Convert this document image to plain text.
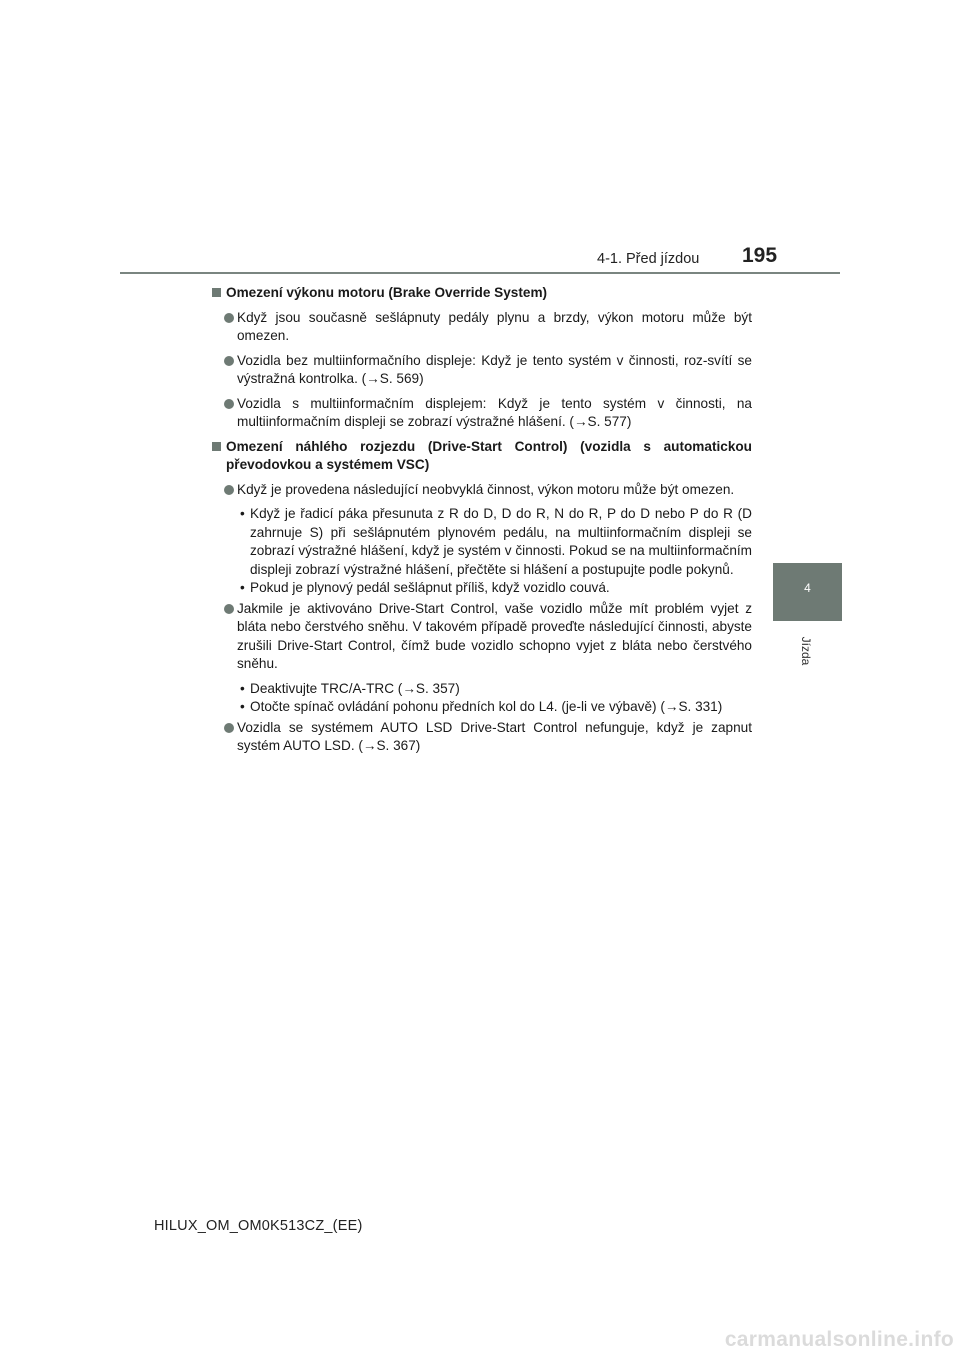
4-1. Před jízdou 195
4
Jízda
Omezení výkonu motoru (Brake Override System)
Když jsou současně sešlápnuty pedály plynu a brzdy, výkon motoru může být omezen.
Vozidla bez multiinformačního displeje: Když je tento systém v činnosti, roz-svítí se výstražná kontrolka. (→S. 569)
Vozidla s multiinformačním displejem: Když je tento systém v činnosti, na multiinformačním displeji se zobrazí výstražné hlášení. (→S. 577)
Omezení náhlého rozjezdu (Drive-Start Control) (vozidla s automatickou převodovkou a systémem VSC)
Když je provedena následující neobvyklá činnost, výkon motoru může být omezen.
• Když je řadicí páka přesunuta z R do D, D do R, N do R, P do D nebo P do R (D zahrnuje S) při sešlápnutém plynovém pedálu, na multiinformačním displeji se zobrazí výstražné hlášení, když je systém v činnosti. Pokud se na multiinformačním displeji zobrazí výstražné hlášení, přečtěte si hlášení a postupujte podle pokynů.
• Pokud je plynový pedál sešlápnut příliš, když vozidlo couvá.
Jakmile je aktivováno Drive-Start Control, vaše vozidlo může mít problém vyjet z bláta nebo čerstvého sněhu. V takovém případě proveďte následující činnosti, abyste zrušili Drive-Start Control, čímž bude vozidlo schopno vyjet z bláta nebo čerstvého sněhu.
• Deaktivujte TRC/A-TRC (→S. 357)
• Otočte spínač ovládání pohonu předních kol do L4. (je-li ve výbavě) (→S. 331)
Vozidla se systémem AUTO LSD Drive-Start Control nefunguje, když je zapnut systém AUTO LSD. (→S. 367)
HILUX_OM_OM0K513CZ_(EE)
carmanualsonline.info
